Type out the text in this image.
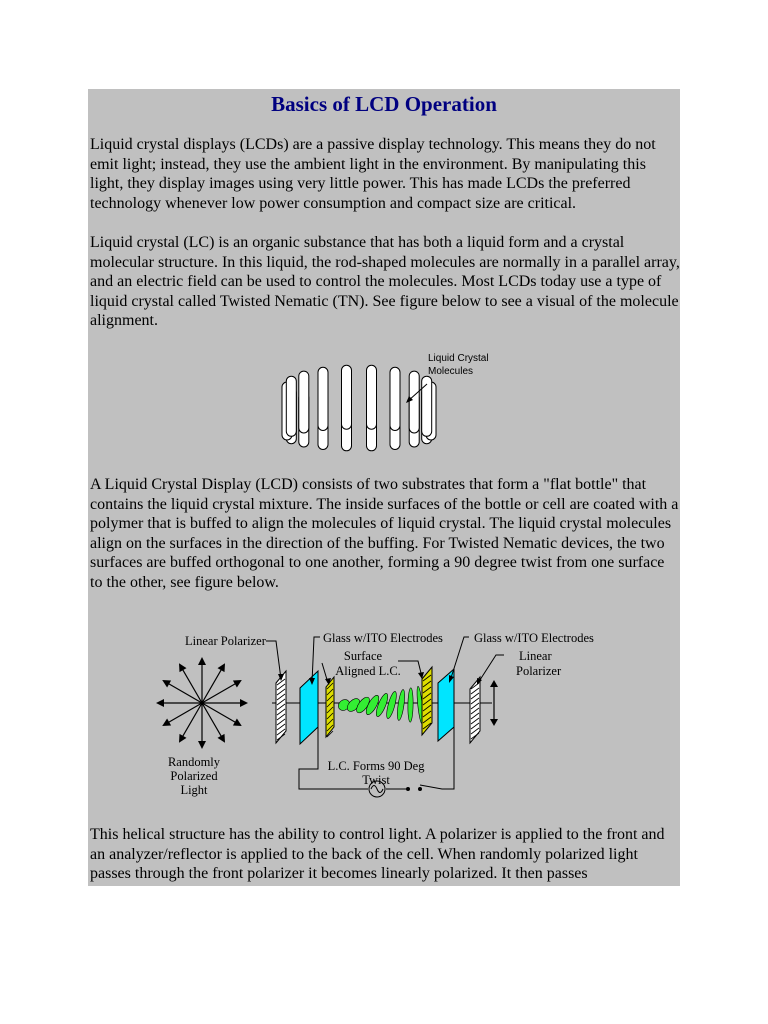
Basics of LCD Operation

Liquid crystal displays (LCDs) are a passive display technology. This means they do not emit light; instead, they use the ambient light in the environment. By manipulating this light, they display images using very little power. This has made LCDs the preferred technology whenever low power consumption and compact size are critical.

Liquid crystal (LC) is an organic substance that has both a liquid form and a crystal molecular structure. In this liquid, the rod-shaped molecules are normally in a parallel array, and an electric field can be used to control the molecules. Most LCDs today use a type of liquid crystal called Twisted Nematic (TN). See figure below to see a visual of the molecule alignment.

Liquid Crystal
Molecules

A Liquid Crystal Display (LCD) consists of two substrates that form a "flat bottle" that contains the liquid crystal mixture. The inside surfaces of the bottle or cell are coated with a polymer that is buffed to align the molecules of liquid crystal. The liquid crystal molecules align on the surfaces in the direction of the buffing. For Twisted Nematic devices, the two surfaces are buffed orthogonal to one another, forming a 90 degree twist from one surface to the other, see figure below.

Linear Polarizer	Glass w/ITO Electrodes Glass w/ITO Electrodes
Surface
Aligned L.C.
Linear
Polarizer
Randomly
Polarized
Light
L.C. Forms 90 Deg
Twist

This helical structure has the ability to control light. A polarizer is applied to the front and an analyzer/reflector is applied to the back of the cell. When randomly polarized light passes through the front polarizer it becomes linearly polarized. It then passes
